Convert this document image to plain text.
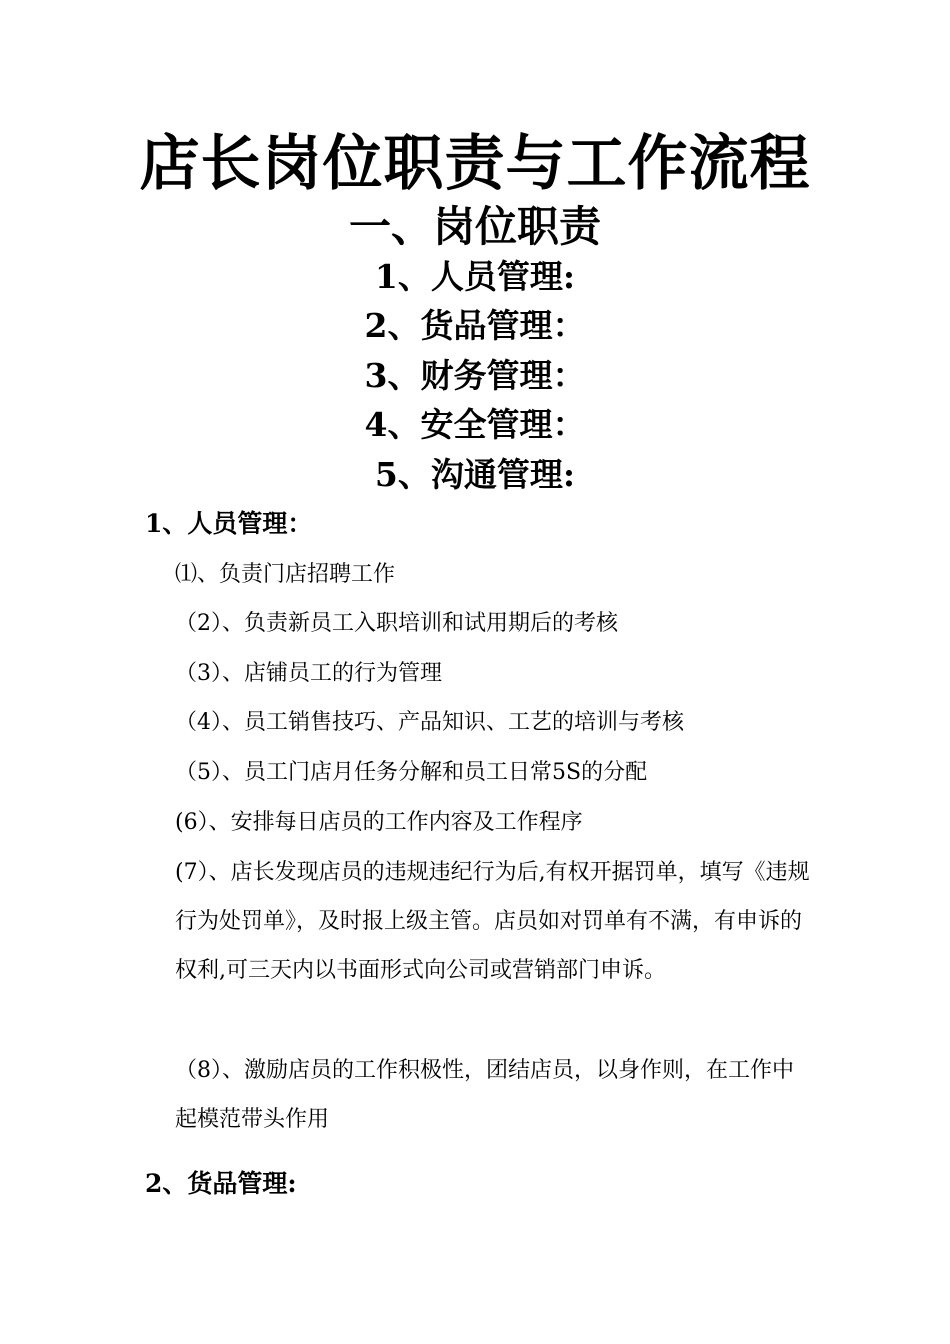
店长岗位职责与工作流程
一、岗位职责
1、人员管理:
2、货品管理：
3、财务管理：
4、安全管理：
5、沟通管理:
1、人员管理：
⑴、负责门店招聘工作
（2）、负责新员工入职培训和试用期后的考核
（3）、店铺员工的行为管理
（4）、员工销售技巧、产品知识、工艺的培训与考核
（5）、员工门店月任务分解和员工日常5S的分配
(6）、安排每日店员的工作内容及工作程序
(7）、店长发现店员的违规违纪行为后,有权开据罚单，填写《违规行为处罚单》，及时报上级主管。店员如对罚单有不满，有申诉的权利,可三天内以书面形式向公司或营销部门申诉。
（8）、激励店员的工作积极性，团结店员，以身作则，在工作中起模范带头作用
2、货品管理:
